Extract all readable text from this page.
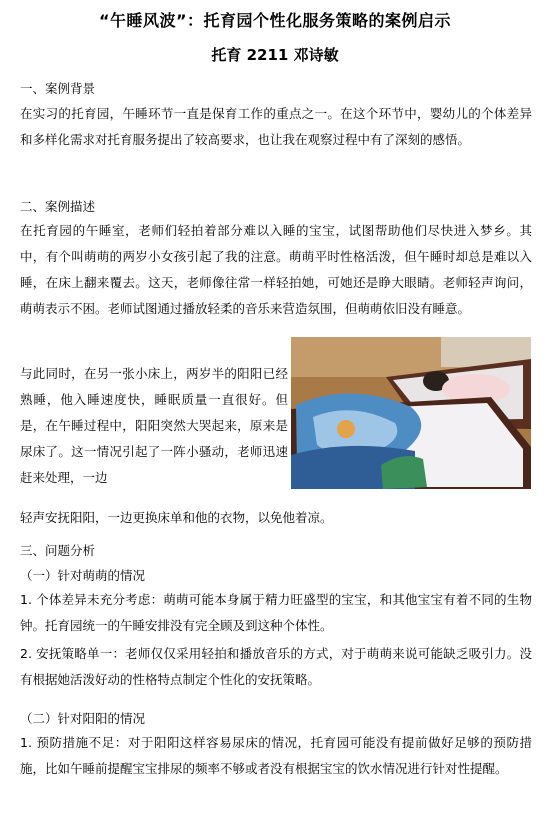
“午睡风波”：托育园个性化服务策略的案例启示
托育 2211 邓诗敏
一、案例背景

在实习的托育园，午睡环节一直是保育工作的重点之一。在这个环节中，婴幼儿的个体差异和多样化需求对托育服务提出了较高要求，也让我在观察过程中有了深刻的感悟。

二、案例描述

在托育园的午睡室，老师们轻拍着部分难以入睡的宝宝，试图帮助他们尽快进入梦乡。其中，有个叫萌萌的两岁小女孩引起了我的注意。萌萌平时性格活泼，但午睡时却总是难以入睡，在床上翻来覆去。这天，老师像往常一样轻拍她，可她还是睁大眼睛。老师轻声询问，萌萌表示不困。老师试图通过播放轻柔的音乐来营造氛围，但萌萌依旧没有睡意。

与此同时，在另一张小床上，两岁半的阳阳已经熟睡，他入睡速度快，睡眠质量一直很好。但是，在午睡过程中，阳阳突然大哭起来，原来是尿床了。这一情况引起了一阵小骚动，老师迅速赶来处理，一边

轻声安抚阳阳，一边更换床单和他的衣物，以免他着凉。

三、问题分析
（一）针对萌萌的情况

1. 个体差异未充分考虑：萌萌可能本身属于精力旺盛型的宝宝，和其他宝宝有着不同的生物钟。托育园统一的午睡安排没有完全顾及到这种个体性。

2. 安抚策略单一：老师仅仅采用轻拍和播放音乐的方式，对于萌萌来说可能缺乏吸引力。没有根据她活泼好动的性格特点制定个性化的安抚策略。

（二）针对阳阳的情况

1. 预防措施不足：对于阳阳这样容易尿床的情况，托育园可能没有提前做好足够的预防措施，比如午睡前提醒宝宝排尿的频率不够或者没有根据宝宝的饮水情况进行针对性提醒。
